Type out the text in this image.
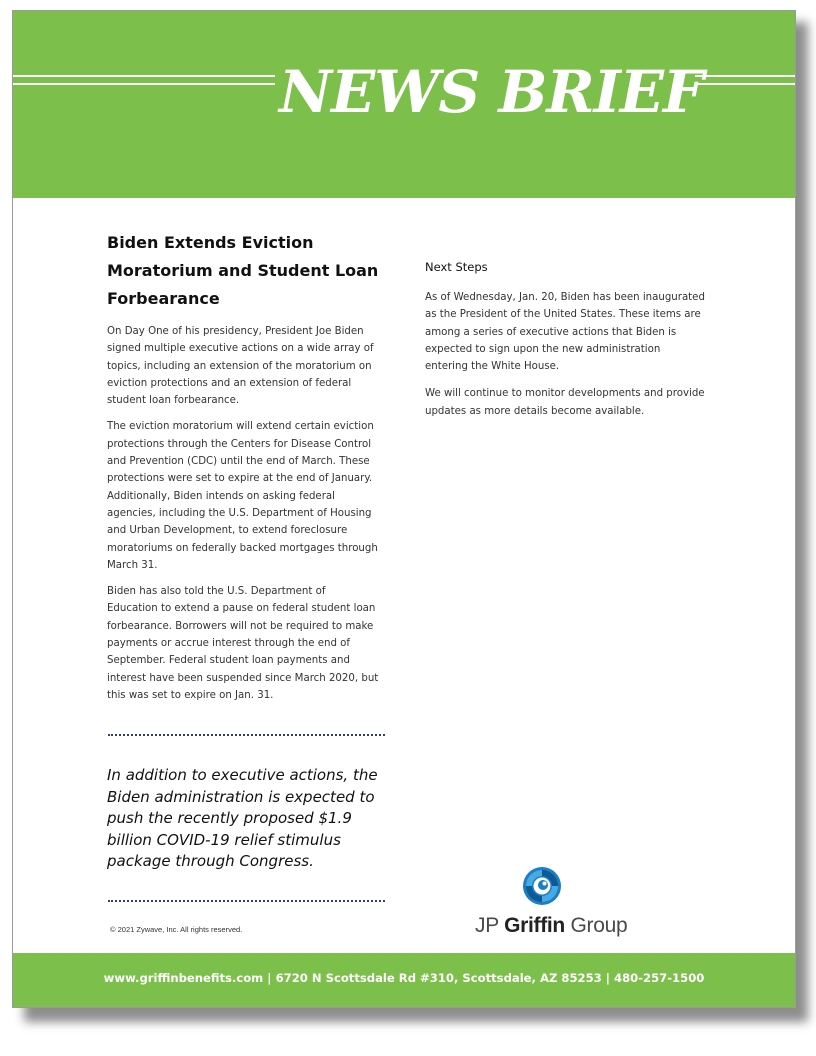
NEWS BRIEF
Biden Extends Eviction
Moratorium and Student Loan
Forbearance

On Day One of his presidency, President Joe Biden signed multiple executive actions on a wide array of topics, including an extension of the moratorium on eviction protections and an extension of federal student loan forbearance.

The eviction moratorium will extend certain eviction protections through the Centers for Disease Control and Prevention (CDC) until the end of March. These protections were set to expire at the end of January. Additionally, Biden intends on asking federal agencies, including the U.S. Department of Housing and Urban Development, to extend foreclosure moratoriums on federally backed mortgages through March 31.

Biden has also told the U.S. Department of Education to extend a pause on federal student loan forbearance. Borrowers will not be required to make payments or accrue interest through the end of September. Federal student loan payments and interest have been suspended since March 2020, but this was set to expire on Jan. 31.

In addition to executive actions, the Biden administration is expected to push the recently proposed $1.9 billion COVID-19 relief stimulus package through Congress.
Next Steps

As of Wednesday, Jan. 20, Biden has been inaugurated as the President of the United States. These items are among a series of executive actions that Biden is expected to sign upon the new administration entering the White House.

We will continue to monitor developments and provide updates as more details become available.

© 2021 Zywave, Inc. All rights reserved.	JP Griffin Group
www.griffinbenefits.com | 6720 N Scottsdale Rd #310, Scottsdale, AZ 85253 | 480-257-1500
